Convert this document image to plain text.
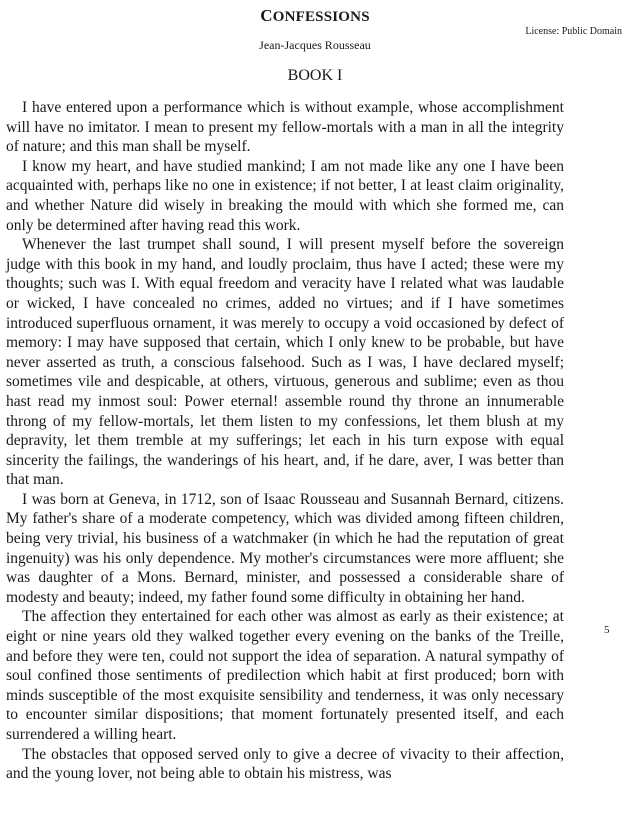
CONFESSIONS
License: Public Domain
Jean-Jacques Rousseau
BOOK I

I have entered upon a performance which is without example, whose accomplishment will have no imitator. I mean to present my fellow-mortals with a man in all the integrity of nature; and this man shall be myself.

I know my heart, and have studied mankind; I am not made like any one I have been acquainted with, perhaps like no one in existence; if not better, I at least claim originality, and whether Nature did wisely in breaking the mould with which she formed me, can only be determined after having read this work.

Whenever the last trumpet shall sound, I will present myself before the sovereign judge with this book in my hand, and loudly proclaim, thus have I acted; these were my thoughts; such was I. With equal freedom and veracity have I related what was laudable or wicked, I have concealed no crimes, added no virtues; and if I have sometimes introduced superfluous ornament, it was merely to occupy a void occasioned by defect of memory: I may have supposed that certain, which I only knew to be probable, but have never asserted as truth, a conscious falsehood. Such as I was, I have declared myself; sometimes vile and despicable, at others, virtuous, generous and sublime; even as thou hast read my inmost soul: Power eternal! assemble round thy throne an innumerable throng of my fellow-mortals, let them listen to my confessions, let them blush at my depravity, let them tremble at my sufferings; let each in his turn expose with equal sincerity the failings, the wanderings of his heart, and, if he dare, aver, I was better than that man.

I was born at Geneva, in 1712, son of Isaac Rousseau and Susannah Bernard, citizens. My father's share of a moderate competency, which was divided among fifteen children, being very trivial, his business of a watchmaker (in which he had the reputation of great ingenuity) was his only dependence. My mother's circumstances were more affluent; she was daughter of a Mons. Bernard, minister, and possessed a considerable share of modesty and beauty; indeed, my father found some difficulty in obtaining her hand.

The affection they entertained for each other was almost as early as their existence; at eight or nine years old they walked together every evening on the banks of the Treille, and before they were ten, could not support the idea of separation. A natural sympathy of soul confined those sentiments of predilection which habit at first produced; born with minds susceptible of the most exquisite sensibility and tenderness, it was only necessary to encounter similar dispositions; that moment fortunately presented itself, and each surrendered a willing heart.

The obstacles that opposed served only to give a decree of vivacity to their affection, and the young lover, not being able to obtain his mistress, was

5
